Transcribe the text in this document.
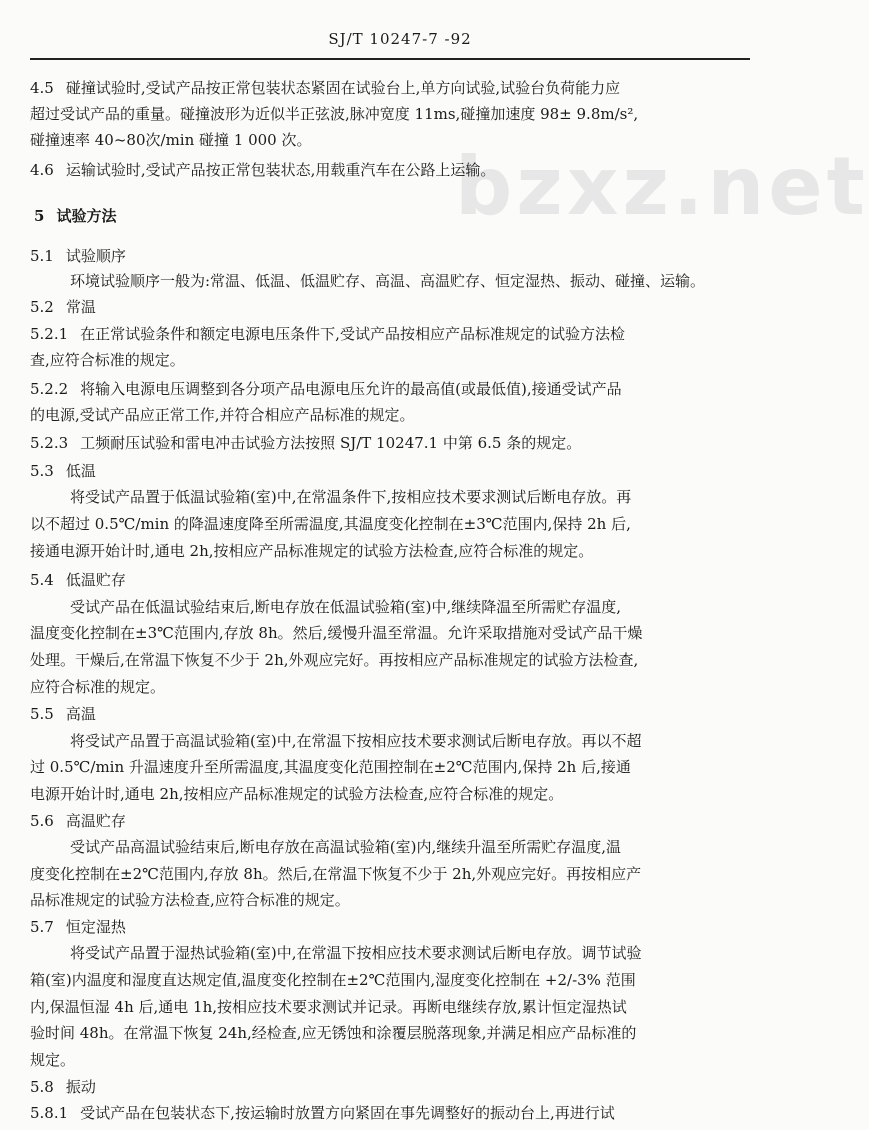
SJ/T 10247-7 -92
bzxz.net
4.5 碰撞试验时,受试产品按正常包装状态紧固在试验台上,单方向试验,试验台负荷能力应
超过受试产品的重量。碰撞波形为近似半正弦波,脉冲宽度 11ms,碰撞加速度 98± 9.8m/s²,
碰撞速率 40~80次/min 碰撞 1 000 次。
4.6 运输试验时,受试产品按正常包装状态,用载重汽车在公路上运输。
5 试验方法
5.1 试验顺序
环境试验顺序一般为:常温、低温、低温贮存、高温、高温贮存、恒定湿热、振动、碰撞、运输。
5.2 常温
5.2.1 在正常试验条件和额定电源电压条件下,受试产品按相应产品标准规定的试验方法检
查,应符合标准的规定。
5.2.2 将输入电源电压调整到各分项产品电源电压允许的最高值(或最低值),接通受试产品
的电源,受试产品应正常工作,并符合相应产品标准的规定。
5.2.3 工频耐压试验和雷电冲击试验方法按照 SJ/T 10247.1 中第 6.5 条的规定。
5.3 低温
将受试产品置于低温试验箱(室)中,在常温条件下,按相应技术要求测试后断电存放。再
以不超过 0.5℃/min 的降温速度降至所需温度,其温度变化控制在±3℃范围内,保持 2h 后,
接通电源开始计时,通电 2h,按相应产品标准规定的试验方法检查,应符合标准的规定。
5.4 低温贮存
受试产品在低温试验结束后,断电存放在低温试验箱(室)中,继续降温至所需贮存温度,
温度变化控制在±3℃范围内,存放 8h。然后,缓慢升温至常温。允许采取措施对受试产品干燥
处理。干燥后,在常温下恢复不少于 2h,外观应完好。再按相应产品标准规定的试验方法检查,
应符合标准的规定。
5.5 高温
将受试产品置于高温试验箱(室)中,在常温下按相应技术要求测试后断电存放。再以不超
过 0.5℃/min 升温速度升至所需温度,其温度变化范围控制在±2℃范围内,保持 2h 后,接通
电源开始计时,通电 2h,按相应产品标准规定的试验方法检查,应符合标准的规定。
5.6 高温贮存
受试产品高温试验结束后,断电存放在高温试验箱(室)内,继续升温至所需贮存温度,温
度变化控制在±2℃范围内,存放 8h。然后,在常温下恢复不少于 2h,外观应完好。再按相应产
品标准规定的试验方法检查,应符合标准的规定。
5.7 恒定湿热
将受试产品置于湿热试验箱(室)中,在常温下按相应技术要求测试后断电存放。调节试验
箱(室)内温度和湿度直达规定值,温度变化控制在±2℃范围内,湿度变化控制在 +2/-3% 范围
内,保温恒湿 4h 后,通电 1h,按相应技术要求测试并记录。再断电继续存放,累计恒定湿热试
验时间 48h。在常温下恢复 24h,经检查,应无锈蚀和涂覆层脱落现象,并满足相应产品标准的
规定。
5.8 振动
5.8.1 受试产品在包装状态下,按运输时放置方向紧固在事先调整好的振动台上,再进行试
